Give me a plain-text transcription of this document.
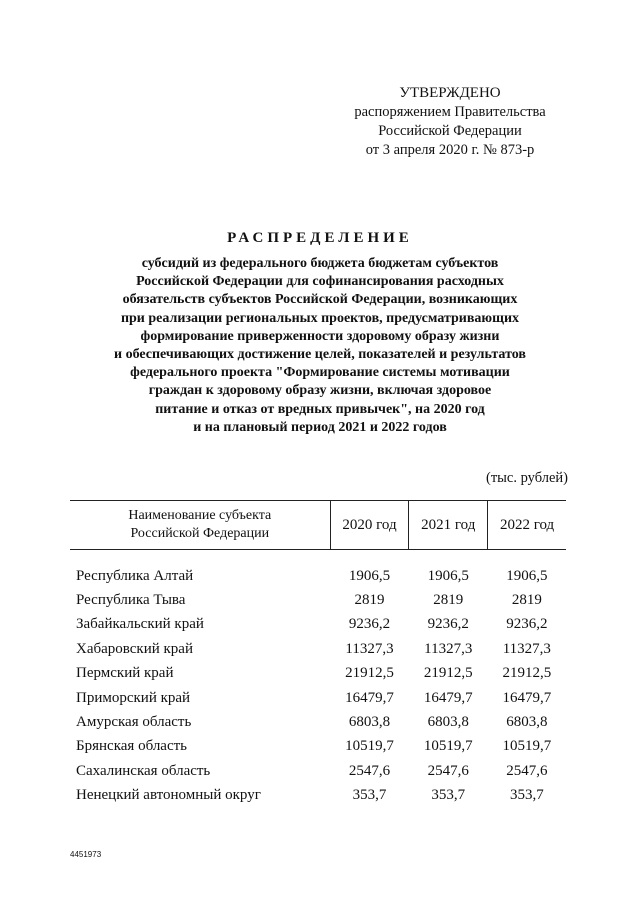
УТВЕРЖДЕНО
распоряжением Правительства
Российской Федерации
от 3 апреля 2020 г. № 873-р
РАСПРЕДЕЛЕНИЕ
субсидий из федерального бюджета бюджетам субъектов
Российской Федерации для софинансирования расходных
обязательств субъектов Российской Федерации, возникающих
при реализации региональных проектов, предусматривающих
формирование приверженности здоровому образу жизни
и обеспечивающих достижение целей, показателей и результатов
федерального проекта "Формирование системы мотивации
граждан к здоровому образу жизни, включая здоровое
питание и отказ от вредных привычек", на 2020 год
и на плановый период 2021 и 2022 годов
(тыс. рублей)
Наименование субъекта
Российской Федерации	2020 год	2021 год	2022 год

Республика Алтай	1906,5	1906,5	1906,5
Республика Тыва	2819	2819	2819
Забайкальский край	9236,2	9236,2	9236,2
Хабаровский край	11327,3	11327,3	11327,3
Пермский край	21912,5	21912,5	21912,5
Приморский край	16479,7	16479,7	16479,7
Амурская область	6803,8	6803,8	6803,8
Брянская область	10519,7	10519,7	10519,7
Сахалинская область	2547,6	2547,6	2547,6
Ненецкий автономный округ	353,7	353,7	353,7
4451973
